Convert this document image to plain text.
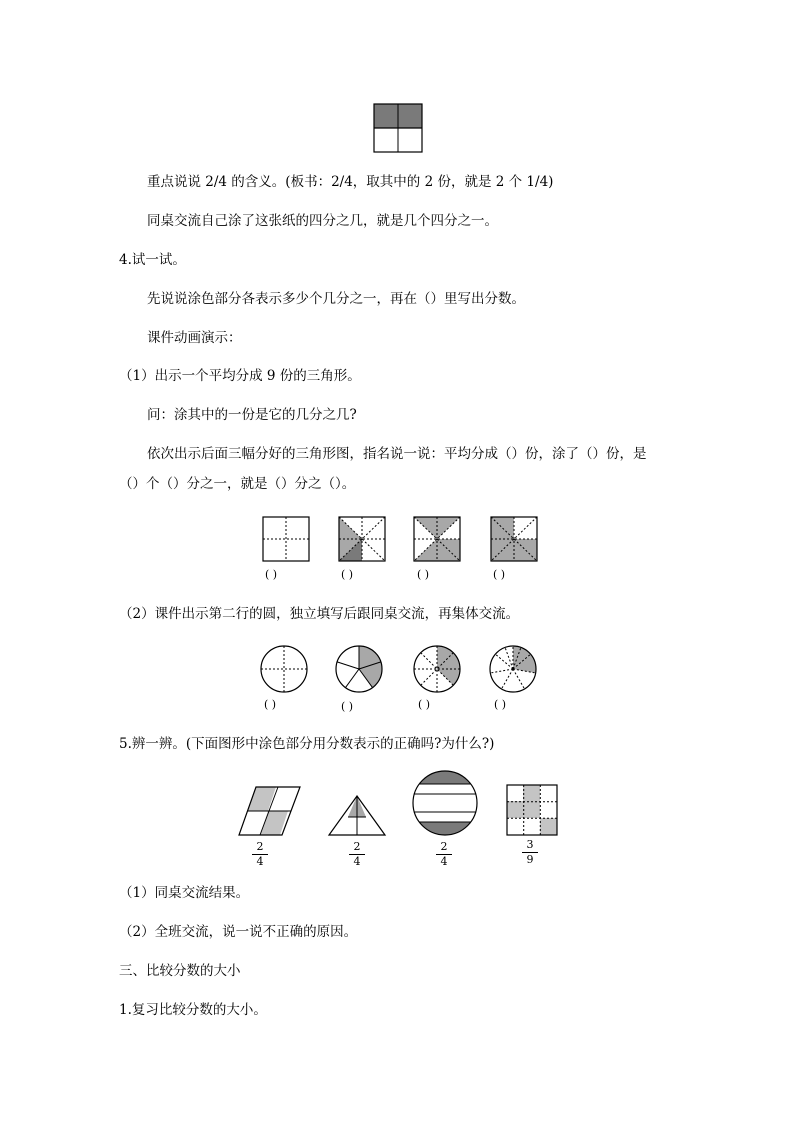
重点说说 2/4 的含义。(板书：2/4，取其中的 2 份，就是 2 个 1/4)
同桌交流自己涂了这张纸的四分之几，就是几个四分之一。
4.试一试。
先说说涂色部分各表示多少个几分之一，再在（）里写出分数。
课件动画演示：
（1）出示一个平均分成 9 份的三角形。
问：涂其中的一份是它的几分之几?
依次出示后面三幅分好的三角形图，指名说一说：平均分成（）份，涂了（）份，是
（）个（）分之一，就是（）分之（）。
( )	( )	( )	( )
（2）课件出示第二行的圆，独立填写后跟同桌交流，再集体交流。
( )	( )	( )	( )
5.辨一辨。(下面图形中涂色部分用分数表示的正确吗?为什么?)
2
4
2
4
2
4
3
9
（1）同桌交流结果。
（2）全班交流，说一说不正确的原因。
三、比较分数的大小
1.复习比较分数的大小。
